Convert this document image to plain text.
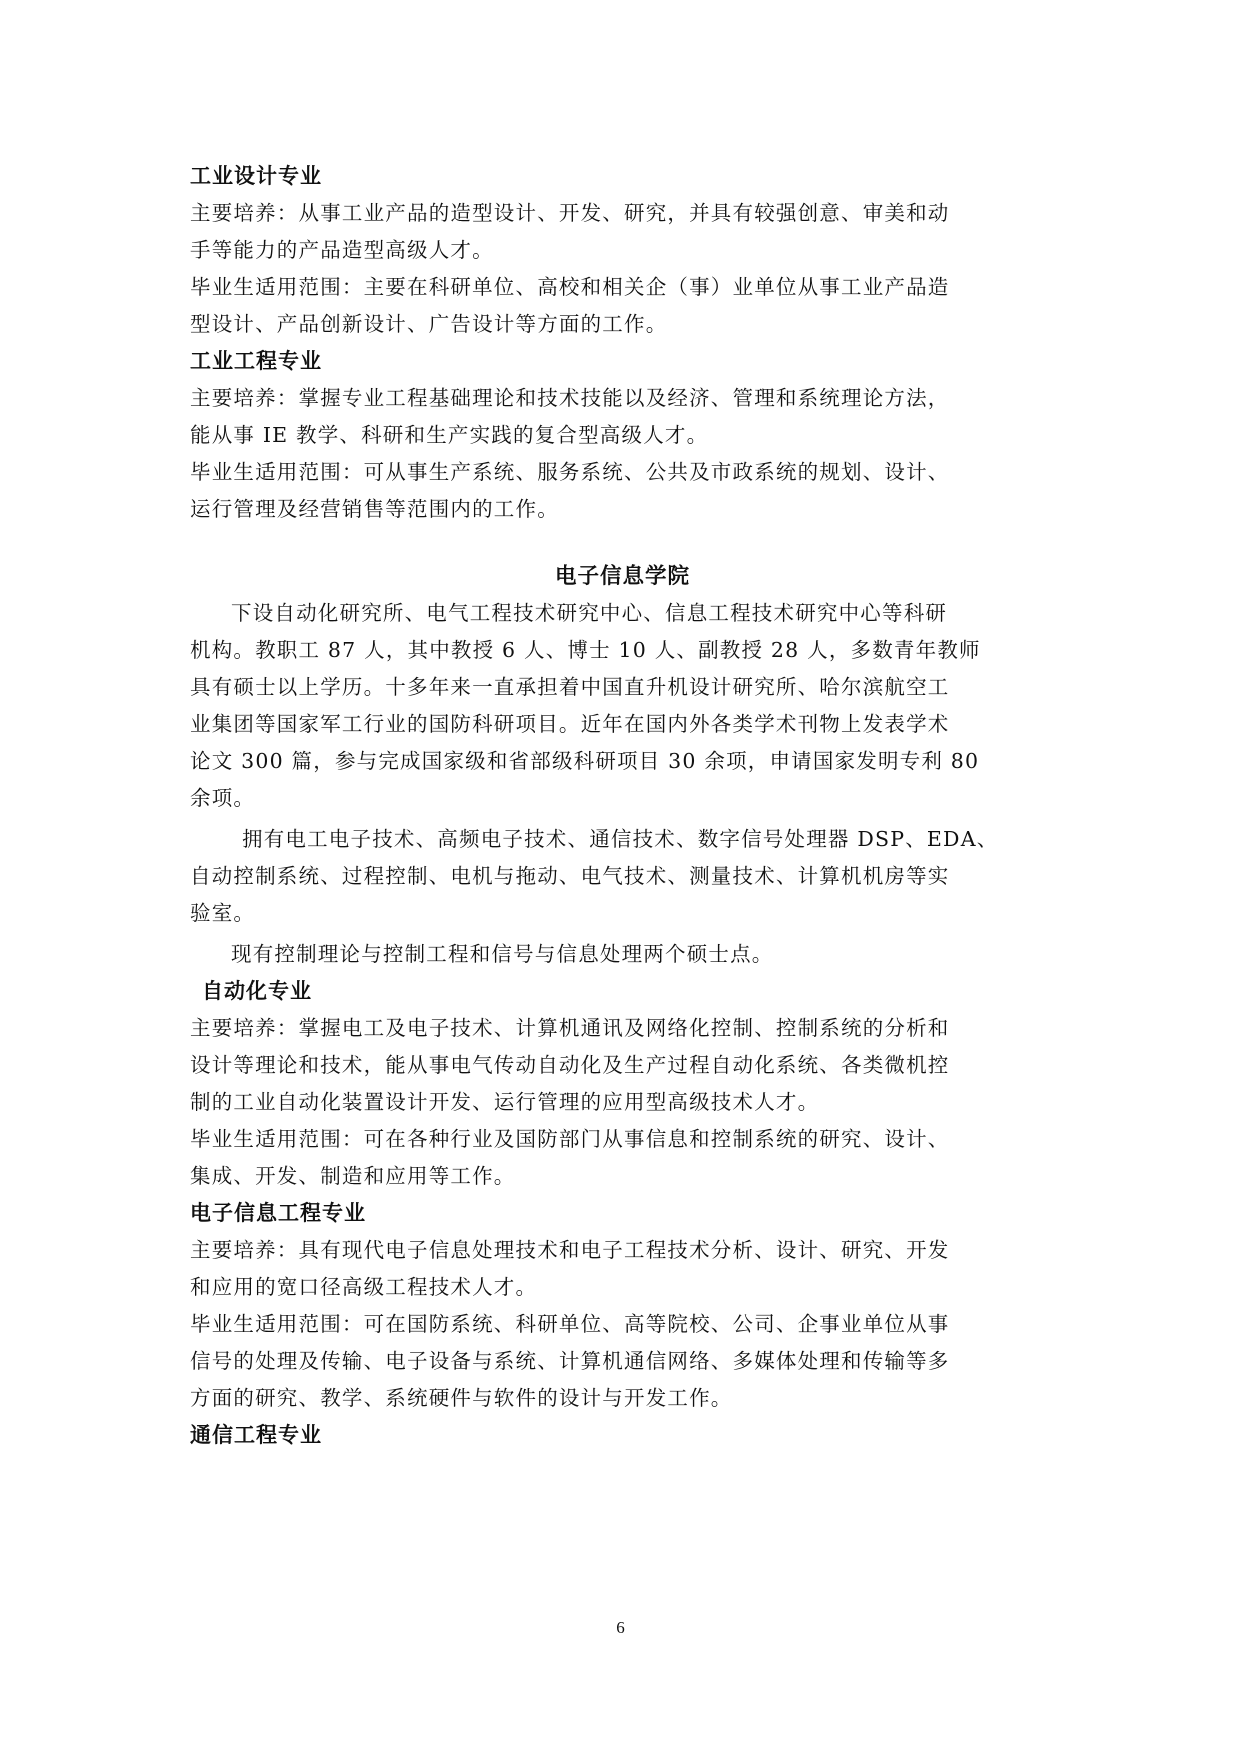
工业设计专业
主要培养：从事工业产品的造型设计、开发、研究，并具有较强创意、审美和动
手等能力的产品造型高级人才。
毕业生适用范围：主要在科研单位、高校和相关企（事）业单位从事工业产品造
型设计、产品创新设计、广告设计等方面的工作。
工业工程专业
主要培养：掌握专业工程基础理论和技术技能以及经济、管理和系统理论方法，
能从事 IE 教学、科研和生产实践的复合型高级人才。
毕业生适用范围：可从事生产系统、服务系统、公共及市政系统的规划、设计、
运行管理及经营销售等范围内的工作。
电子信息学院
下设自动化研究所、电气工程技术研究中心、信息工程技术研究中心等科研
机构。教职工 87 人，其中教授 6 人、博士 10 人、副教授 28 人，多数青年教师
具有硕士以上学历。十多年来一直承担着中国直升机设计研究所、哈尔滨航空工
业集团等国家军工行业的国防科研项目。近年在国内外各类学术刊物上发表学术
论文 300 篇，参与完成国家级和省部级科研项目 30 余项，申请国家发明专利 80
余项。
拥有电工电子技术、高频电子技术、通信技术、数字信号处理器 DSP、EDA、
自动控制系统、过程控制、电机与拖动、电气技术、测量技术、计算机机房等实
验室。
现有控制理论与控制工程和信号与信息处理两个硕士点。
自动化专业
主要培养：掌握电工及电子技术、计算机通讯及网络化控制、控制系统的分析和
设计等理论和技术，能从事电气传动自动化及生产过程自动化系统、各类微机控
制的工业自动化装置设计开发、运行管理的应用型高级技术人才。
毕业生适用范围：可在各种行业及国防部门从事信息和控制系统的研究、设计、
集成、开发、制造和应用等工作。
电子信息工程专业
主要培养：具有现代电子信息处理技术和电子工程技术分析、设计、研究、开发
和应用的宽口径高级工程技术人才。
毕业生适用范围：可在国防系统、科研单位、高等院校、公司、企事业单位从事
信号的处理及传输、电子设备与系统、计算机通信网络、多媒体处理和传输等多
方面的研究、教学、系统硬件与软件的设计与开发工作。
通信工程专业
6
